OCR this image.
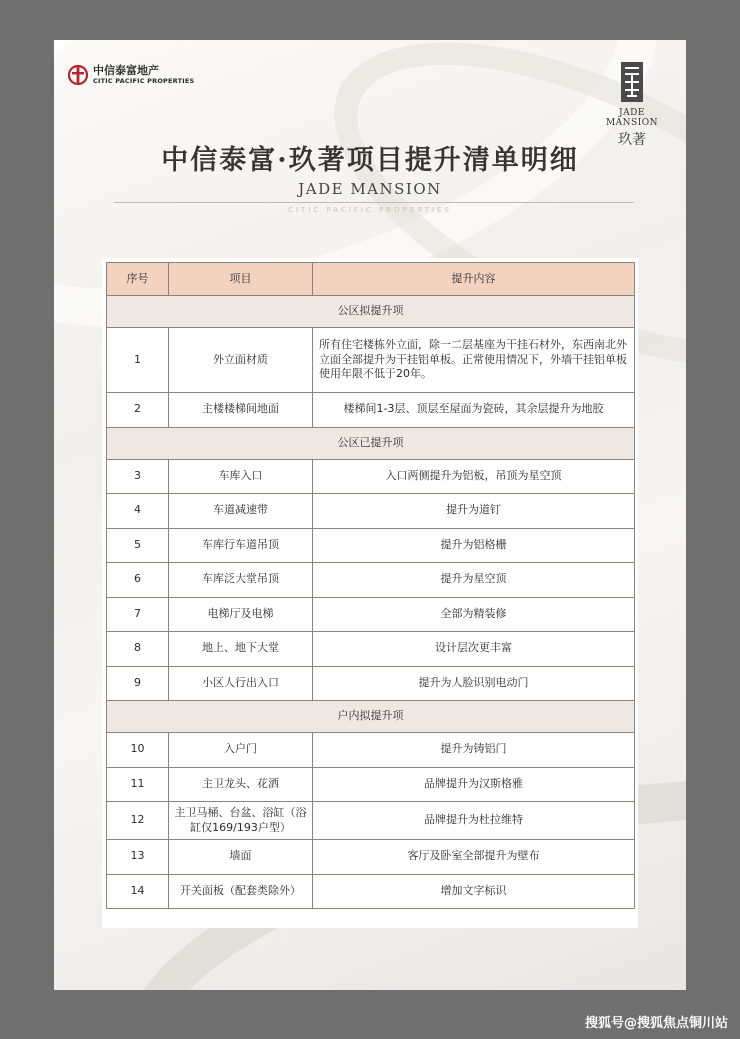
中信泰富地产
CITIC PACIFIC PROPERTIES
JADE MANSION
玖著
中信泰富·玖著项目提升清单明细
JADE MANSION
CITIC PACIFIC PROPERTIES
序号	项目	提升内容
公区拟提升项		
1	外立面材质	所有住宅楼栋外立面，除一二层基座为干挂石材外，东西南北外立面全部提升为干挂铝单板。正常使用情况下，外墙干挂铝单板使用年限不低于20年。
2	主楼楼梯间地面	楼梯间1-3层、顶层至屋面为瓷砖，其余层提升为地胶
公区已提升项		
3	车库入口	入口两侧提升为铝板，吊顶为星空顶
4	车道减速带	提升为道钉
5	车库行车道吊顶	提升为铝格栅
6	车库泛大堂吊顶	提升为星空顶
7	电梯厅及电梯	全部为精装修
8	地上、地下大堂	设计层次更丰富
9	小区人行出入口	提升为人脸识别电动门
户内拟提升项		
10	入户门	提升为铸铝门
11	主卫龙头、花洒	品牌提升为汉斯格雅
12	主卫马桶、台盆、浴缸（浴缸仅169/193户型）	品牌提升为杜拉维特
13	墙面	客厅及卧室全部提升为壁布
14	开关面板（配套类除外）	增加文字标识
搜狐号@搜狐焦点铜川站
